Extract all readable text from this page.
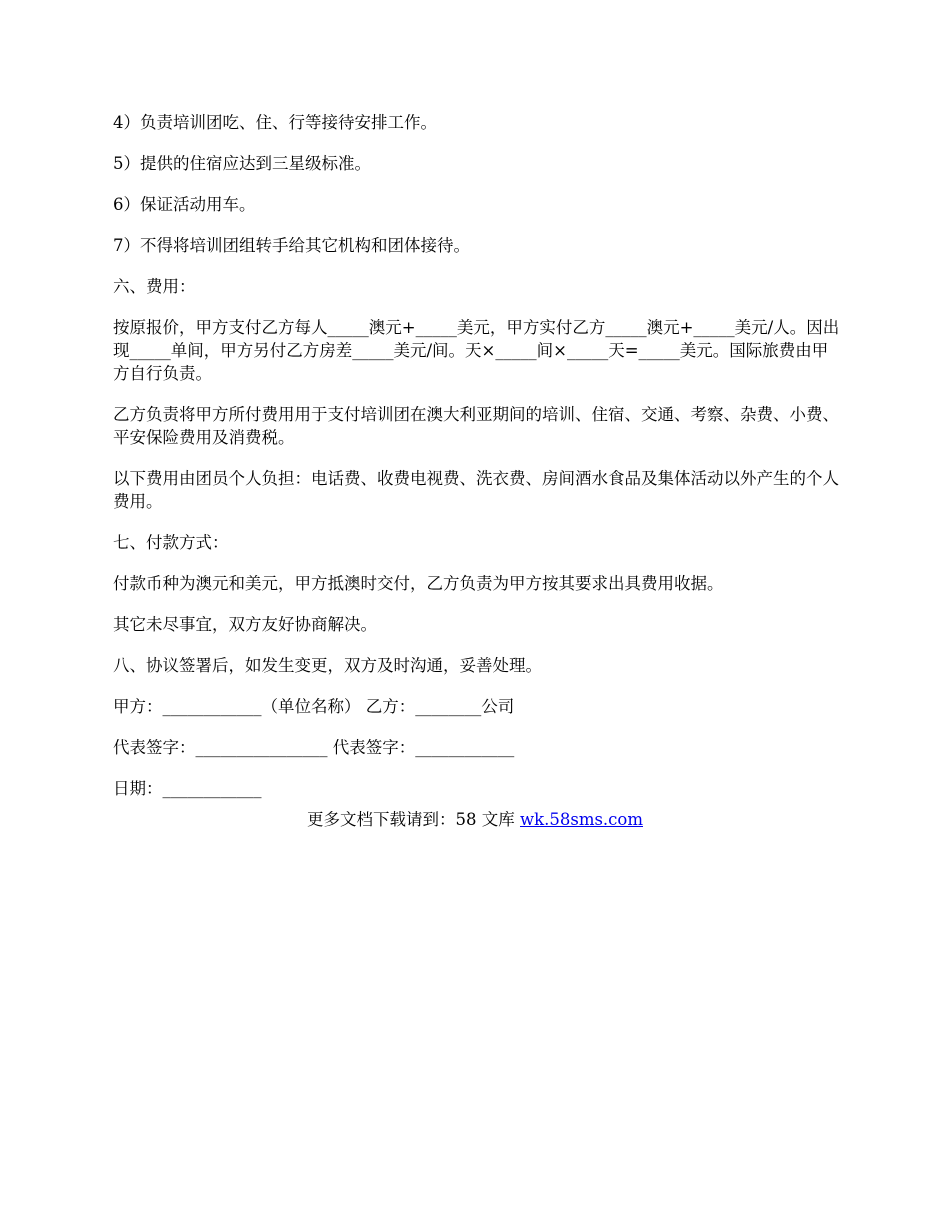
4）负责培训团吃、住、行等接待安排工作。

5）提供的住宿应达到三星级标准。

6）保证活动用车。

7）不得将培训团组转手给其它机构和团体接待。

六、费用：

按原报价，甲方支付乙方每人_____澳元+_____美元，甲方实付乙方_____澳元+_____美元/人。因出现_____单间，甲方另付乙方房差_____美元/间。天×_____间×_____天=_____美元。国际旅费由甲方自行负责。

乙方负责将甲方所付费用用于支付培训团在澳大利亚期间的培训、住宿、交通、考察、杂费、小费、平安保险费用及消费税。

以下费用由团员个人负担：电话费、收费电视费、洗衣费、房间酒水食品及集体活动以外产生的个人费用。

七、付款方式：

付款币种为澳元和美元，甲方抵澳时交付，乙方负责为甲方按其要求出具费用收据。

其它未尽事宜，双方友好协商解决。

八、协议签署后，如发生变更，双方及时沟通，妥善处理。

甲方：____________（单位名称） 乙方：________公司

代表签字：________________ 代表签字：____________

日期：____________

更多文档下载请到：58 文库 wk.58sms.com
